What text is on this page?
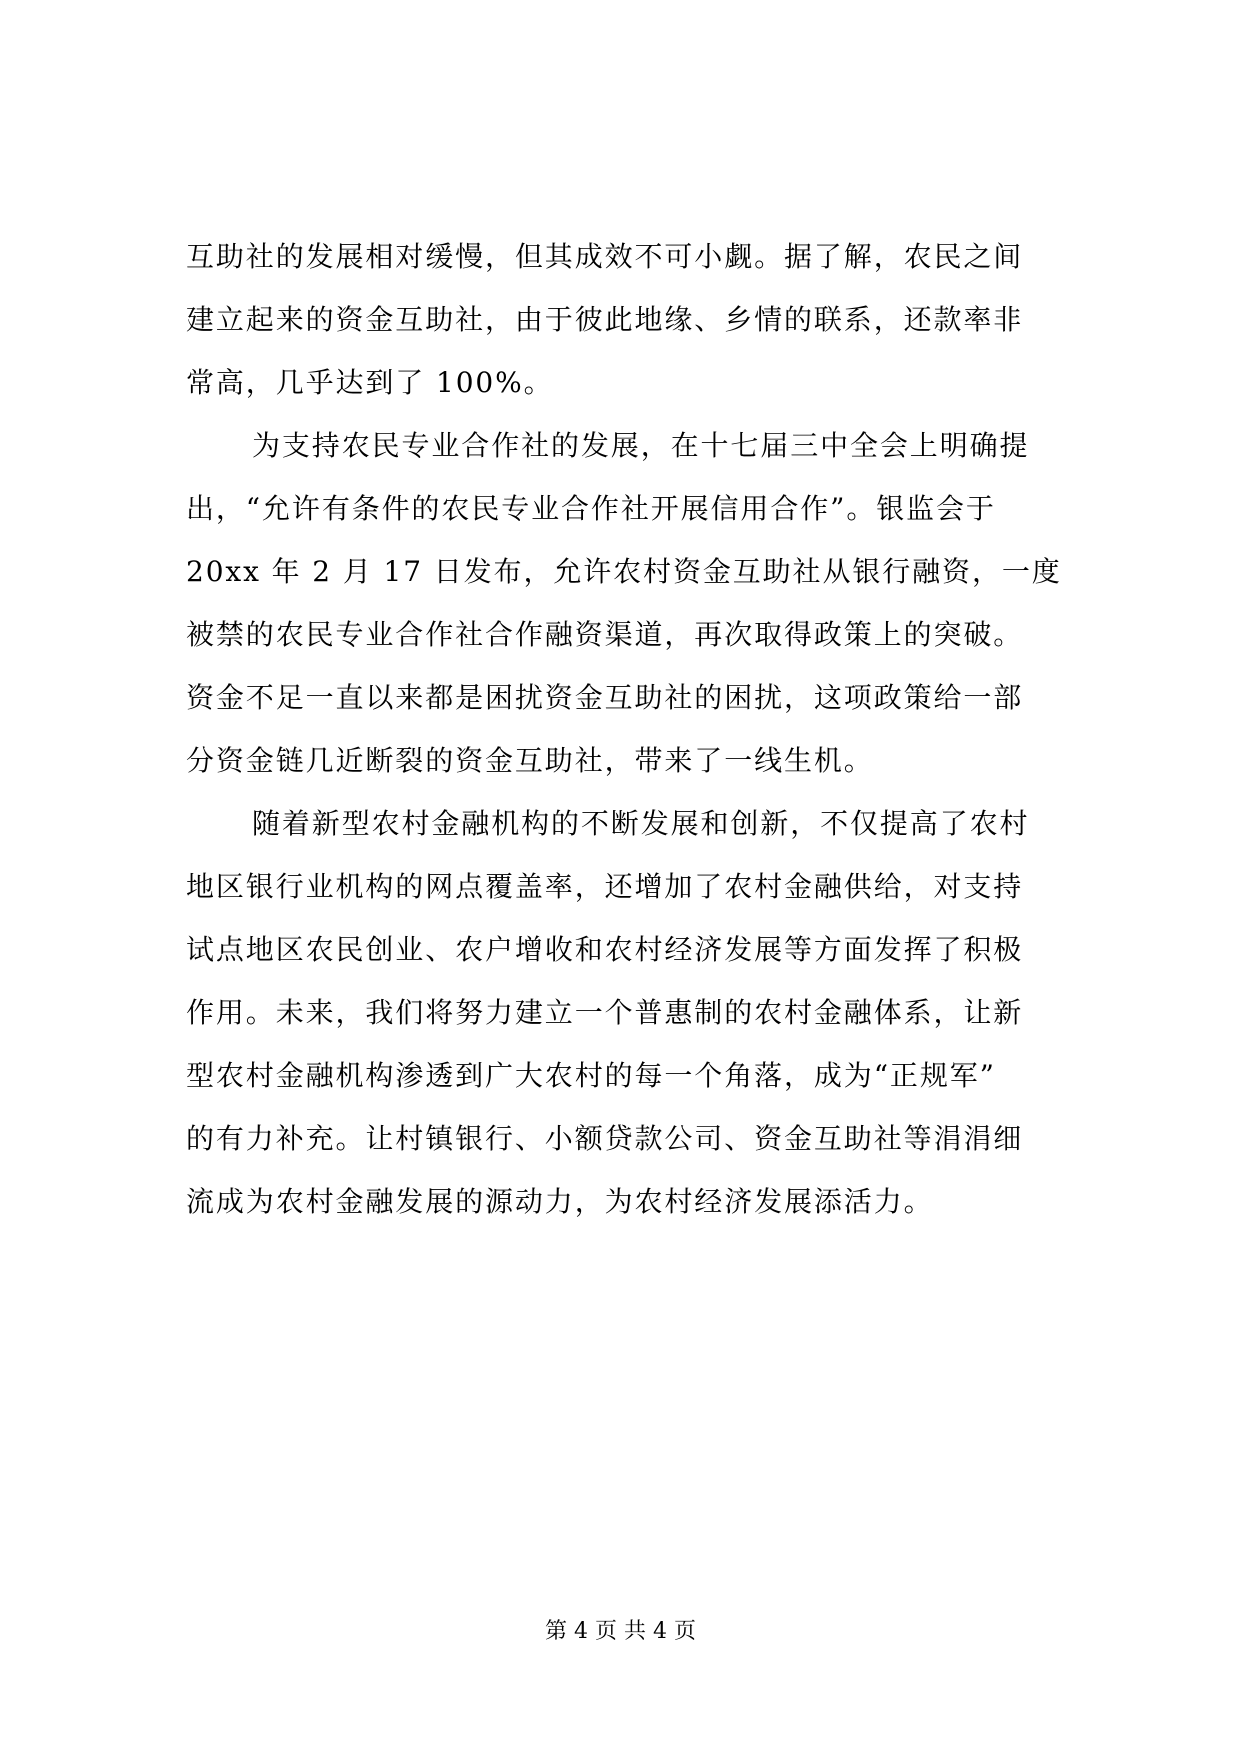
互助社的发展相对缓慢，但其成效不可小觑。据了解，农民之间
建立起来的资金互助社，由于彼此地缘、乡情的联系，还款率非
常高，几乎达到了 100%。
为支持农民专业合作社的发展，在十七届三中全会上明确提
出，“允许有条件的农民专业合作社开展信用合作”。银监会于
20xx 年 2 月 17 日发布，允许农村资金互助社从银行融资，一度
被禁的农民专业合作社合作融资渠道，再次取得政策上的突破。
资金不足一直以来都是困扰资金互助社的困扰，这项政策给一部
分资金链几近断裂的资金互助社，带来了一线生机。
随着新型农村金融机构的不断发展和创新，不仅提高了农村
地区银行业机构的网点覆盖率，还增加了农村金融供给，对支持
试点地区农民创业、农户增收和农村经济发展等方面发挥了积极
作用。未来，我们将努力建立一个普惠制的农村金融体系，让新
型农村金融机构渗透到广大农村的每一个角落，成为“正规军”
的有力补充。让村镇银行、小额贷款公司、资金互助社等涓涓细
流成为农村金融发展的源动力，为农村经济发展添活力。
第 4 页 共 4 页
